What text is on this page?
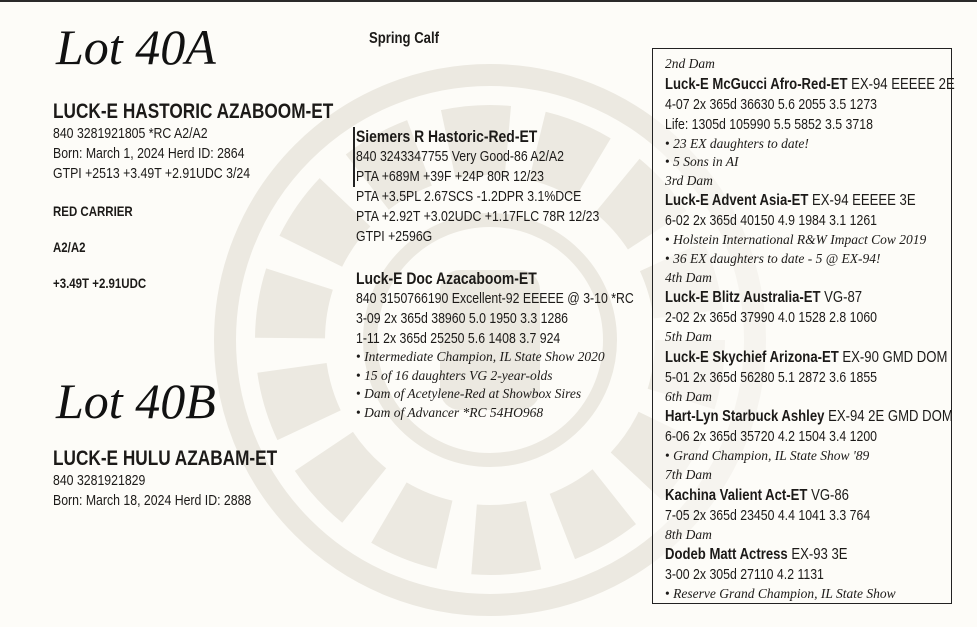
Lot 40A	Spring Calf
LUCK-E HASTORIC AZABOOM-ET
840 3281921805 *RC A2/A2
Born: March 1, 2024 Herd ID: 2864
GTPI +2513 +3.49T +2.91UDC 3/24
RED CARRIER
A2/A2
+3.49T +2.91UDC
Lot 40B
LUCK-E HULU AZABAM-ET
840 3281921829
Born: March 18, 2024 Herd ID: 2888
Siemers R Hastoric-Red-ET
840 3243347755 Very Good-86 A2/A2
PTA +689M +39F +24P 80R 12/23
PTA +3.5PL 2.67SCS -1.2DPR 3.1%DCE
PTA +2.92T +3.02UDC +1.17FLC 78R 12/23
GTPI +2596G
Luck-E Doc Azacaboom-ET
840 3150766190 Excellent-92 EEEEE @ 3-10 *RC
3-09 2x 365d 38960 5.0 1950 3.3 1286
1-11 2x 365d 25250 5.6 1408 3.7 924
• Intermediate Champion, IL State Show 2020
• 15 of 16 daughters VG 2-year-olds
• Dam of Acetylene-Red at Showbox Sires
• Dam of Advancer *RC 54HO968
2nd Dam
Luck-E McGucci Afro-Red-ET EX-94 EEEEE 2E
4-07 2x 365d 36630 5.6 2055 3.5 1273
Life: 1305d 105990 5.5 5852 3.5 3718
• 23 EX daughters to date!
• 5 Sons in AI
3rd Dam
Luck-E Advent Asia-ET EX-94 EEEEE 3E
6-02 2x 365d 40150 4.9 1984 3.1 1261
• Holstein International R&W Impact Cow 2019
• 36 EX daughters to date - 5 @ EX-94!
4th Dam
Luck-E Blitz Australia-ET VG-87
2-02 2x 365d 37990 4.0 1528 2.8 1060
5th Dam
Luck-E Skychief Arizona-ET EX-90 GMD DOM
5-01 2x 365d 56280 5.1 2872 3.6 1855
6th Dam
Hart-Lyn Starbuck Ashley EX-94 2E GMD DOM
6-06 2x 365d 35720 4.2 1504 3.4 1200
• Grand Champion, IL State Show '89
7th Dam
Kachina Valient Act-ET VG-86
7-05 2x 365d 23450 4.4 1041 3.3 764
8th Dam
Dodeb Matt Actress EX-93 3E
3-00 2x 305d 27110 4.2 1131
• Reserve Grand Champion, IL State Show
